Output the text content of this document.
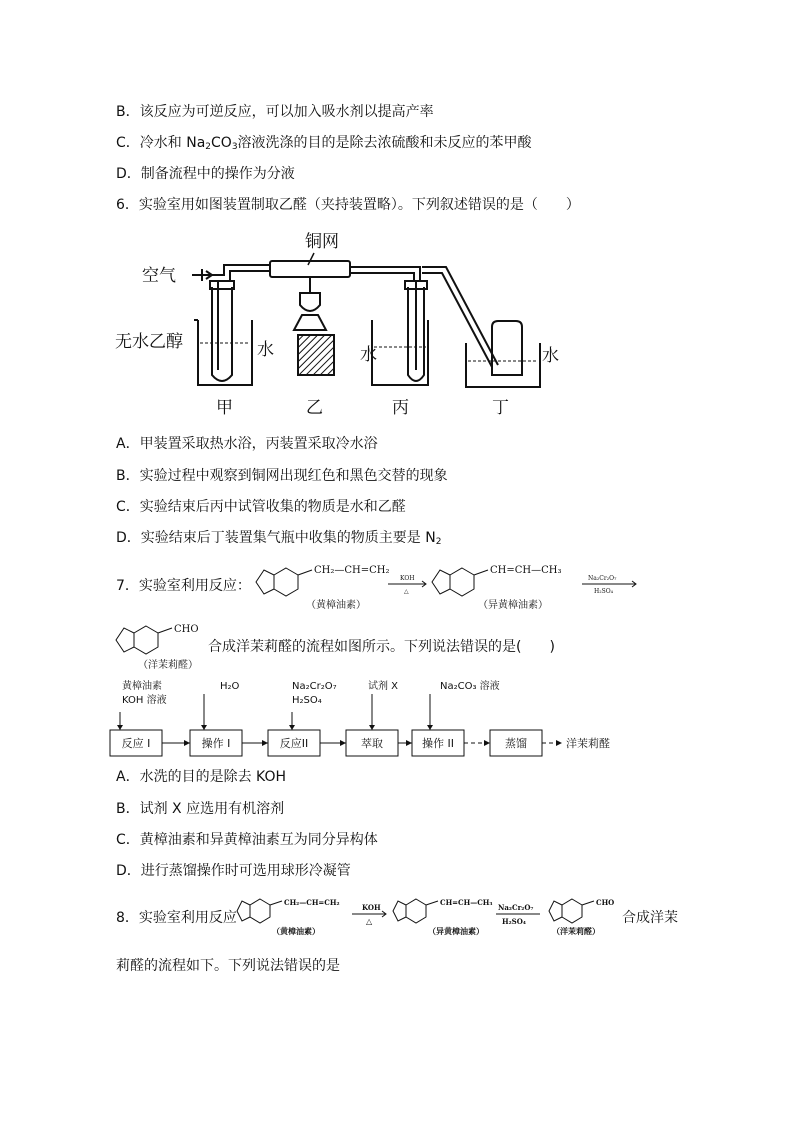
B．该反应为可逆反应，可以加入吸水剂以提高产率
C．冷水和 $Na_2CO_3$溶液洗涤的目的是除去浓硫酸和未反应的苯甲酸
D．制备流程中的操作为分液
6．实验室用如图装置制取乙醛（夹持装置略）。下列叙述错误的是（　　）
铜网
空气
无水乙醇	水	水	水
甲	乙	丙	丁
A．甲装置采取热水浴，丙装置采取冷水浴
B．实验过程中观察到铜网出现红色和黑色交替的现象
C．实验结束后丙中试管收集的物质是水和乙醛
D．实验结束后丁装置集气瓶中收集的物质主要是 $N_2$
7．实验室利用反应：
CH₂—CH=CH₂
（黄樟油素）
KOH
△
CH=CH—CH₃
（异黄樟油素）
Na₂Cr₂O₇
H₂SO₄
CHO
（洋茉莉醛）
合成洋茉莉醛的流程如图所示。下列说法错误的是(　　)
黄樟油素
KOH 溶液
H₂O	Na₂Cr₂O₇
H₂SO₄
试剂 X	Na₂CO₃ 溶液
反应 I	操作 I	反应II	萃取	操作 II	蒸馏	洋茉莉醛
A．水洗的目的是除去 KOH
B．试剂 X 应选用有机溶剂
C．黄樟油素和异黄樟油素互为同分异构体
D．进行蒸馏操作时可选用球形冷凝管
8．实验室利用反应
CH₂—CH=CH₂
（黄樟油素）
KOH
△
CH=CH—CH₃
（异黄樟油素）
Na₂Cr₂O₇
H₂SO₄
CHO
（洋茉莉醛）
合成洋茉
莉醛的流程如下。下列说法错误的是
